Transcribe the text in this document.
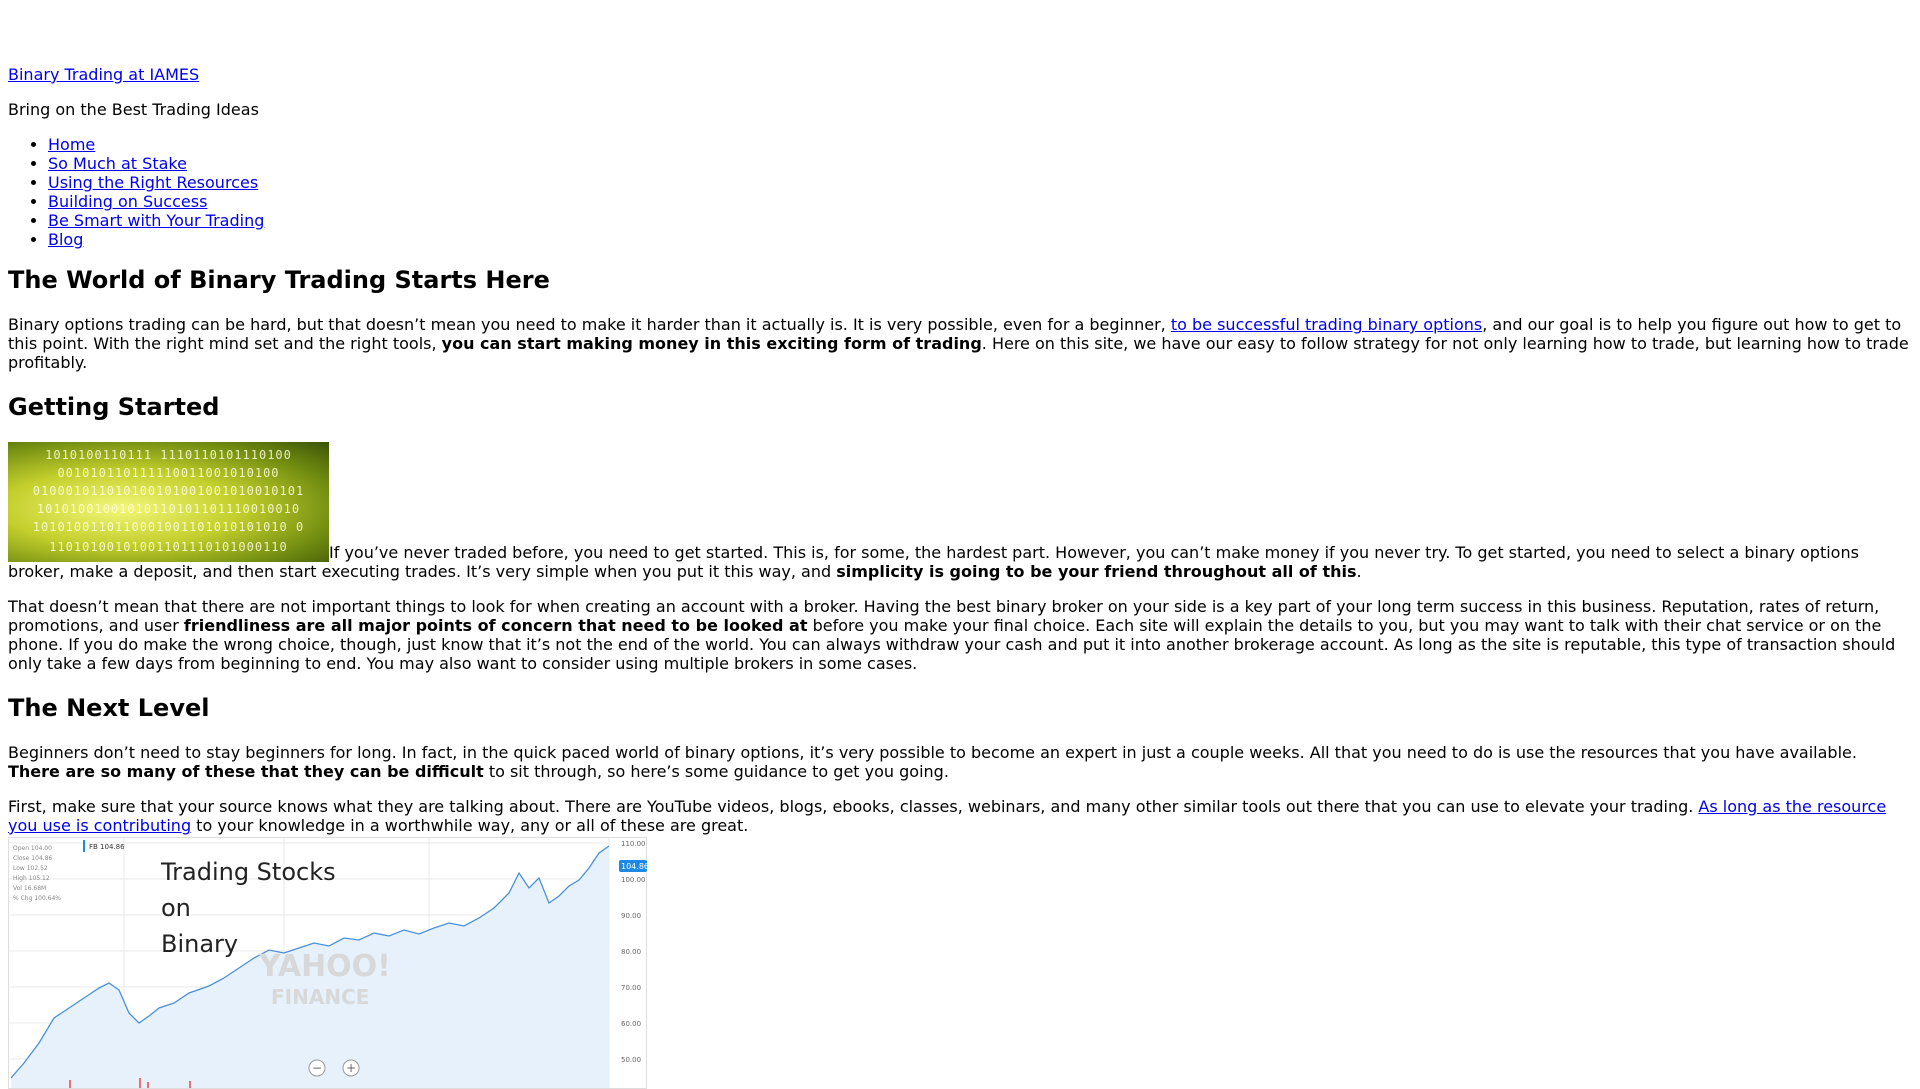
Binary Trading at IAMES

Bring on the Best Trading Ideas

• Home
• So Much at Stake
• Using the Right Resources
• Building on Success
• Be Smart with Your Trading
• Blog
The World of Binary Trading Starts Here

Binary options trading can be hard, but that doesn’t mean you need to make it harder than it actually is. It is very possible, even for a beginner, to be successful trading binary options, and our goal is to help you figure out how to get to this point. With the right mind set and the right tools, you can start making money in this exciting form of trading. Here on this site, we have our easy to follow strategy for not only learning how to trade, but learning how to trade profitably.

Getting Started

1010100110111 1110110101110100
001010110111110011001010100
010001011010100101001001010010101
10101001001010110101101110010010
1010100110110001001101010101010 0
11010100101001101110101000110	If you’ve never traded before, you need to get started. This is, for some, the hardest part. However, you can’t make money if you never try. To get started, you need to select a binary options broker, make a deposit, and then start executing trades. It’s very simple when you put it this way, and simplicity is going to be your friend throughout all of this.

That doesn’t mean that there are not important things to look for when creating an account with a broker. Having the best binary broker on your side is a key part of your long term success in this business. Reputation, rates of return, promotions, and user friendliness are all major points of concern that need to be looked at before you make your final choice. Each site will explain the details to you, but you may want to talk with their chat service or on the phone. If you do make the wrong choice, though, just know that it’s not the end of the world. You can always withdraw your cash and put it into another brokerage account. As long as the site is reputable, this type of transaction should only take a few days from beginning to end. You may also want to consider using multiple brokers in some cases.

The Next Level

Beginners don’t need to stay beginners for long. In fact, in the quick paced world of binary options, it’s very possible to become an expert in just a couple weeks. All that you need to do is use the resources that you have available. There are so many of these that they can be difficult to sit through, so here’s some guidance to get you going.

First, make sure that your source knows what they are talking about. There are YouTube videos, blogs, ebooks, classes, webinars, and many other similar tools out there that you can use to elevate your trading. As long as the resource you use is contributing to your knowledge in a worthwhile way, any or all of these are great.

104.86
110.00
100.00
90.00
80.00
70.00
60.00
50.00
FB 104.86
Open 104.00
Close 104.86
Low 102.52
High 105.12
Vol 16.68M
% Chg 100.64%
YAHOO!
FINANCE
Trading Stocks
on
Binary
− +
